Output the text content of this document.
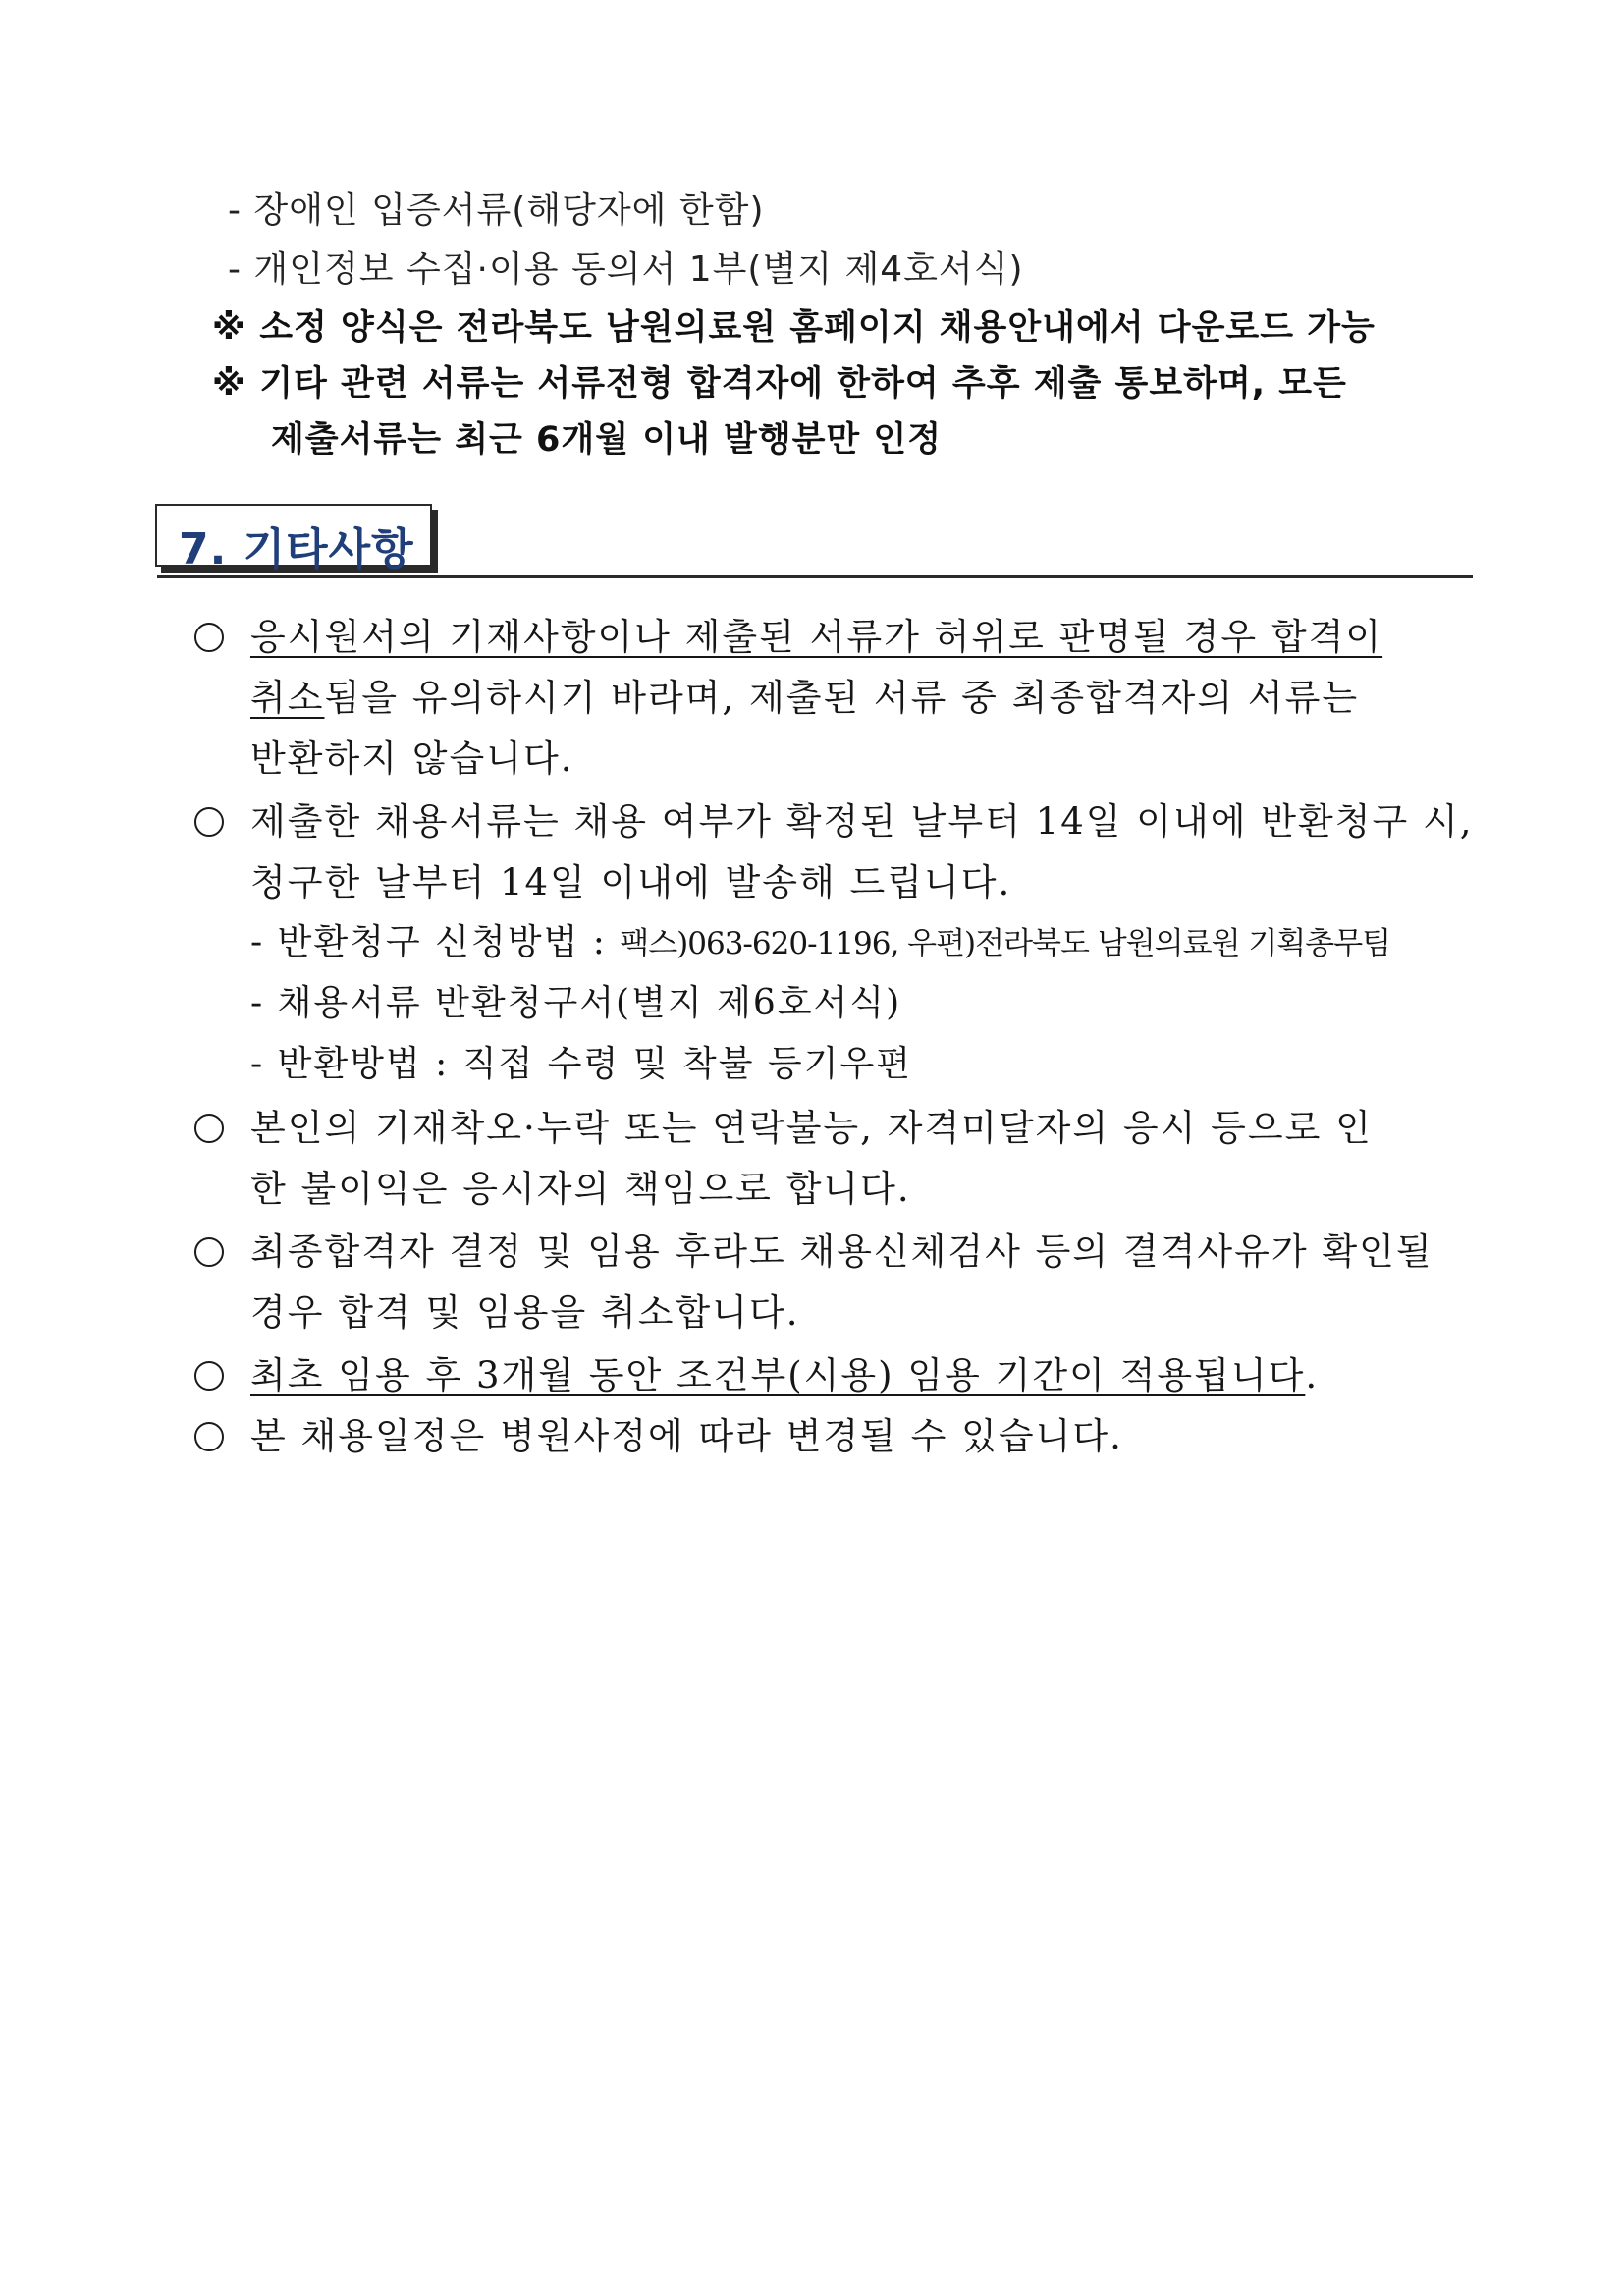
- 장애인 입증서류(해당자에 한함)
- 개인정보 수집·이용 동의서 1부(별지 제4호서식)
※ 소정 양식은 전라북도 남원의료원 홈페이지 채용안내에서 다운로드 가능
※ 기타 관련 서류는 서류전형 합격자에 한하여 추후 제출 통보하며, 모든
제출서류는 최근 6개월 이내 발행분만 인정
7. 기타사항
응시원서의 기재사항이나 제출된 서류가 허위로 판명될 경우 합격이
취소됨을 유의하시기 바라며, 제출된 서류 중 최종합격자의 서류는
반환하지 않습니다.
제출한 채용서류는 채용 여부가 확정된 날부터 14일 이내에 반환청구 시,
청구한 날부터 14일 이내에 발송해 드립니다.
- 반환청구 신청방법 : 팩스)063-620-1196, 우편)전라북도 남원의료원 기획총무팀
- 채용서류 반환청구서(별지 제6호서식)
- 반환방법 : 직접 수령 및 착불 등기우편
본인의 기재착오·누락 또는 연락불능, 자격미달자의 응시 등으로 인
한 불이익은 응시자의 책임으로 합니다.
최종합격자 결정 및 임용 후라도 채용신체검사 등의 결격사유가 확인될
경우 합격 및 임용을 취소합니다.
최초 임용 후 3개월 동안 조건부(시용) 임용 기간이 적용됩니다.
본 채용일정은 병원사정에 따라 변경될 수 있습니다.
